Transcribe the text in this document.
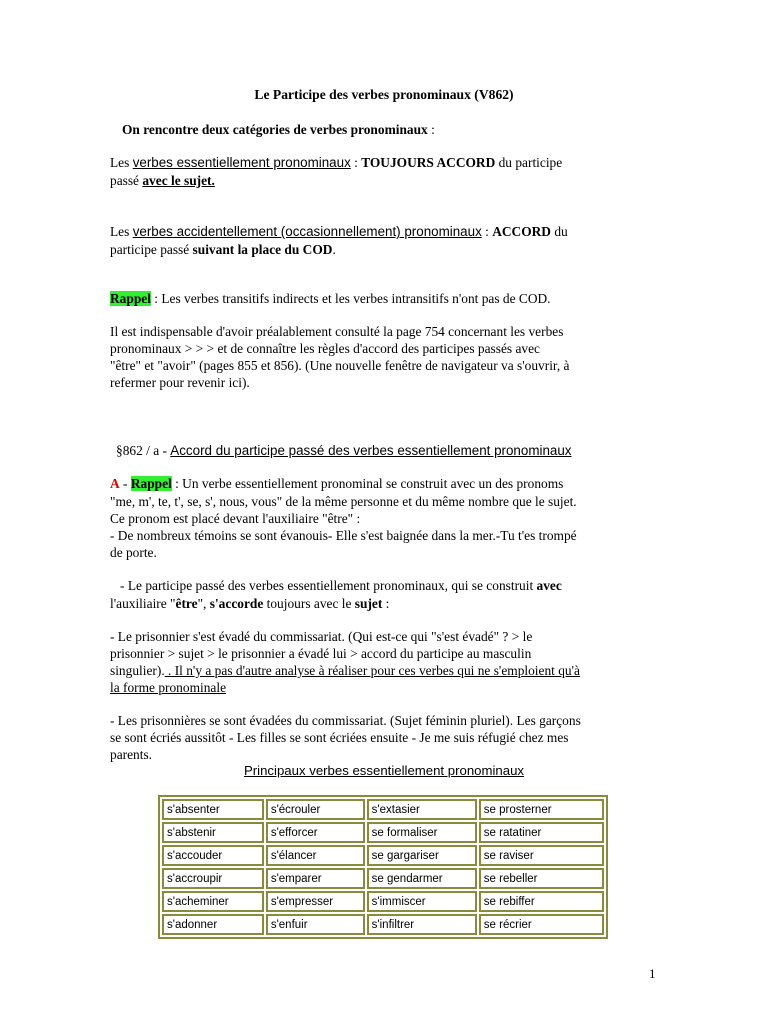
Le Participe des verbes pronominaux (V862)
On rencontre deux catégories de verbes pronominaux :
Les verbes essentiellement pronominaux : TOUJOURS ACCORD du participe
passé avec le sujet.
Les verbes accidentellement (occasionnellement) pronominaux : ACCORD du
participe passé suivant la place du COD.
Rappel : Les verbes transitifs indirects et les verbes intransitifs n'ont pas de COD.
Il est indispensable d'avoir préalablement consulté la page 754 concernant les verbes
pronominaux > > > et de connaître les règles d'accord des participes passés avec
"être" et "avoir" (pages 855 et 856). (Une nouvelle fenêtre de navigateur va s'ouvrir, à
refermer pour revenir ici).
§862 / a - Accord du participe passé des verbes essentiellement pronominaux
A - Rappel : Un verbe essentiellement pronominal se construit avec un des pronoms
"me, m', te, t', se, s', nous, vous" de la même personne et du même nombre que le sujet.
Ce pronom est placé devant l'auxiliaire "être" :
- De nombreux témoins se sont évanouis- Elle s'est baignée dans la mer.-Tu t'es trompé
de porte.
- Le participe passé des verbes essentiellement pronominaux, qui se construit avec
l'auxiliaire "être", s'accorde toujours avec le sujet :
- Le prisonnier s'est évadé du commissariat. (Qui est-ce qui "s'est évadé" ? > le
prisonnier > sujet > le prisonnier a évadé lui > accord du participe au masculin
singulier). . Il n'y a pas d'autre analyse à réaliser pour ces verbes qui ne s'emploient qu'à
la forme pronominale
- Les prisonnières se sont évadées du commissariat. (Sujet féminin pluriel). Les garçons
se sont écriés aussitôt - Les filles se sont écriées ensuite - Je me suis réfugié chez mes
parents.
Principaux verbes essentiellement pronominaux
s'absenter	s'écrouler	s'extasier	se prosterner
s'abstenir	s'efforcer	se formaliser	se ratatiner
s'accouder	s'élancer	se gargariser	se raviser
s'accroupir	s'emparer	se gendarmer	se rebeller
s'acheminer	s'empresser	s'immiscer	se rebiffer
s'adonner	s'enfuir	s'infiltrer	se récrier
1
